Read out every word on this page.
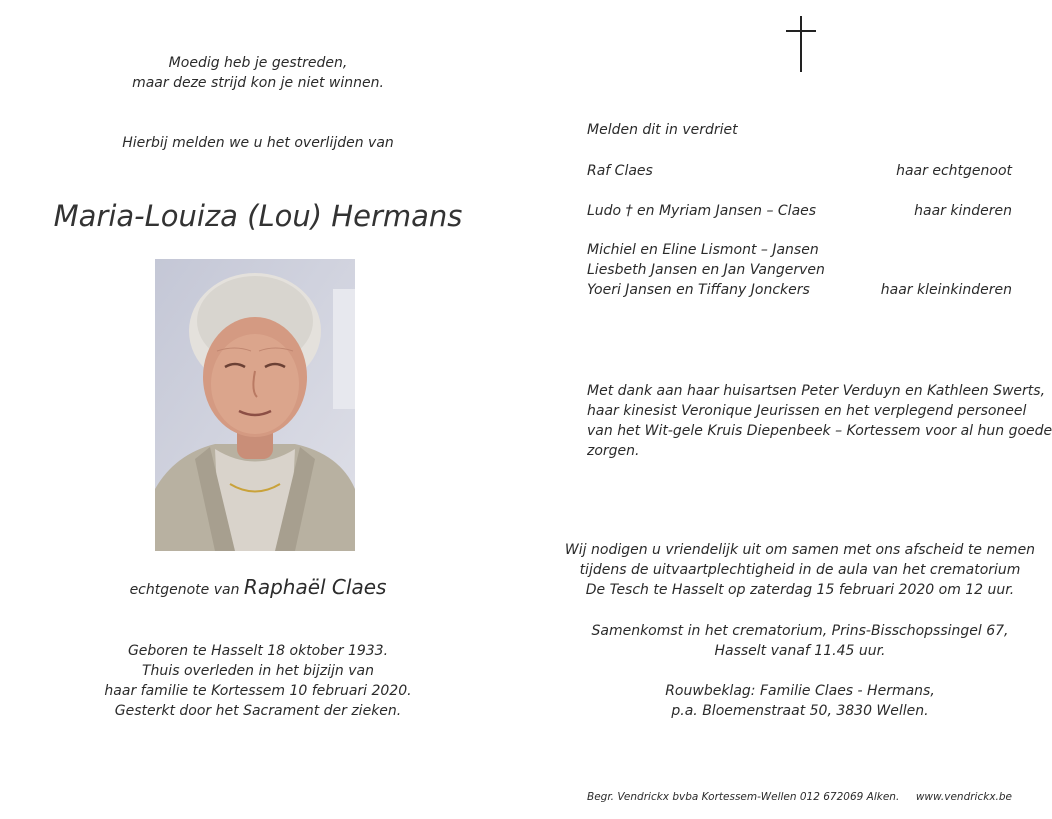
Moedig heb je gestreden,
maar deze strijd kon je niet winnen.
Hierbij melden we u het overlijden van
Maria-Louiza (Lou) Hermans
echtgenote van Raphaël Claes
Geboren te Hasselt 18 oktober 1933.
Thuis overleden in het bijzijn van
haar familie te Kortessem 10 februari 2020.
Gesterkt door het Sacrament der zieken.
Melden dit in verdriet
Raf Claes	haar echtgenoot
Ludo † en Myriam Jansen – Claes	haar kinderen
Michiel en Eline Lismont – Jansen
Liesbeth Jansen en Jan Vangerven
Yoeri Jansen en Tiffany Jonckers	haar kleinkinderen
Met dank aan haar huisartsen Peter Verduyn en Kathleen Swerts,
haar kinesist Veronique Jeurissen en het verplegend personeel
van het Wit-gele Kruis Diepenbeek – Kortessem voor al hun goede
zorgen.
Wij nodigen u vriendelijk uit om samen met ons afscheid te nemen
tijdens de uitvaartplechtigheid in de aula van het crematorium
De Tesch te Hasselt op zaterdag 15 februari 2020 om 12 uur.
Samenkomst in het crematorium, Prins-Bisschopssingel 67,
Hasselt vanaf 11.45 uur.
Rouwbeklag: Familie Claes - Hermans,
p.a. Bloemenstraat 50, 3830 Wellen.
Begr. Vendrickx bvba Kortessem-Wellen 012 672069 Alken. www.vendrickx.be
